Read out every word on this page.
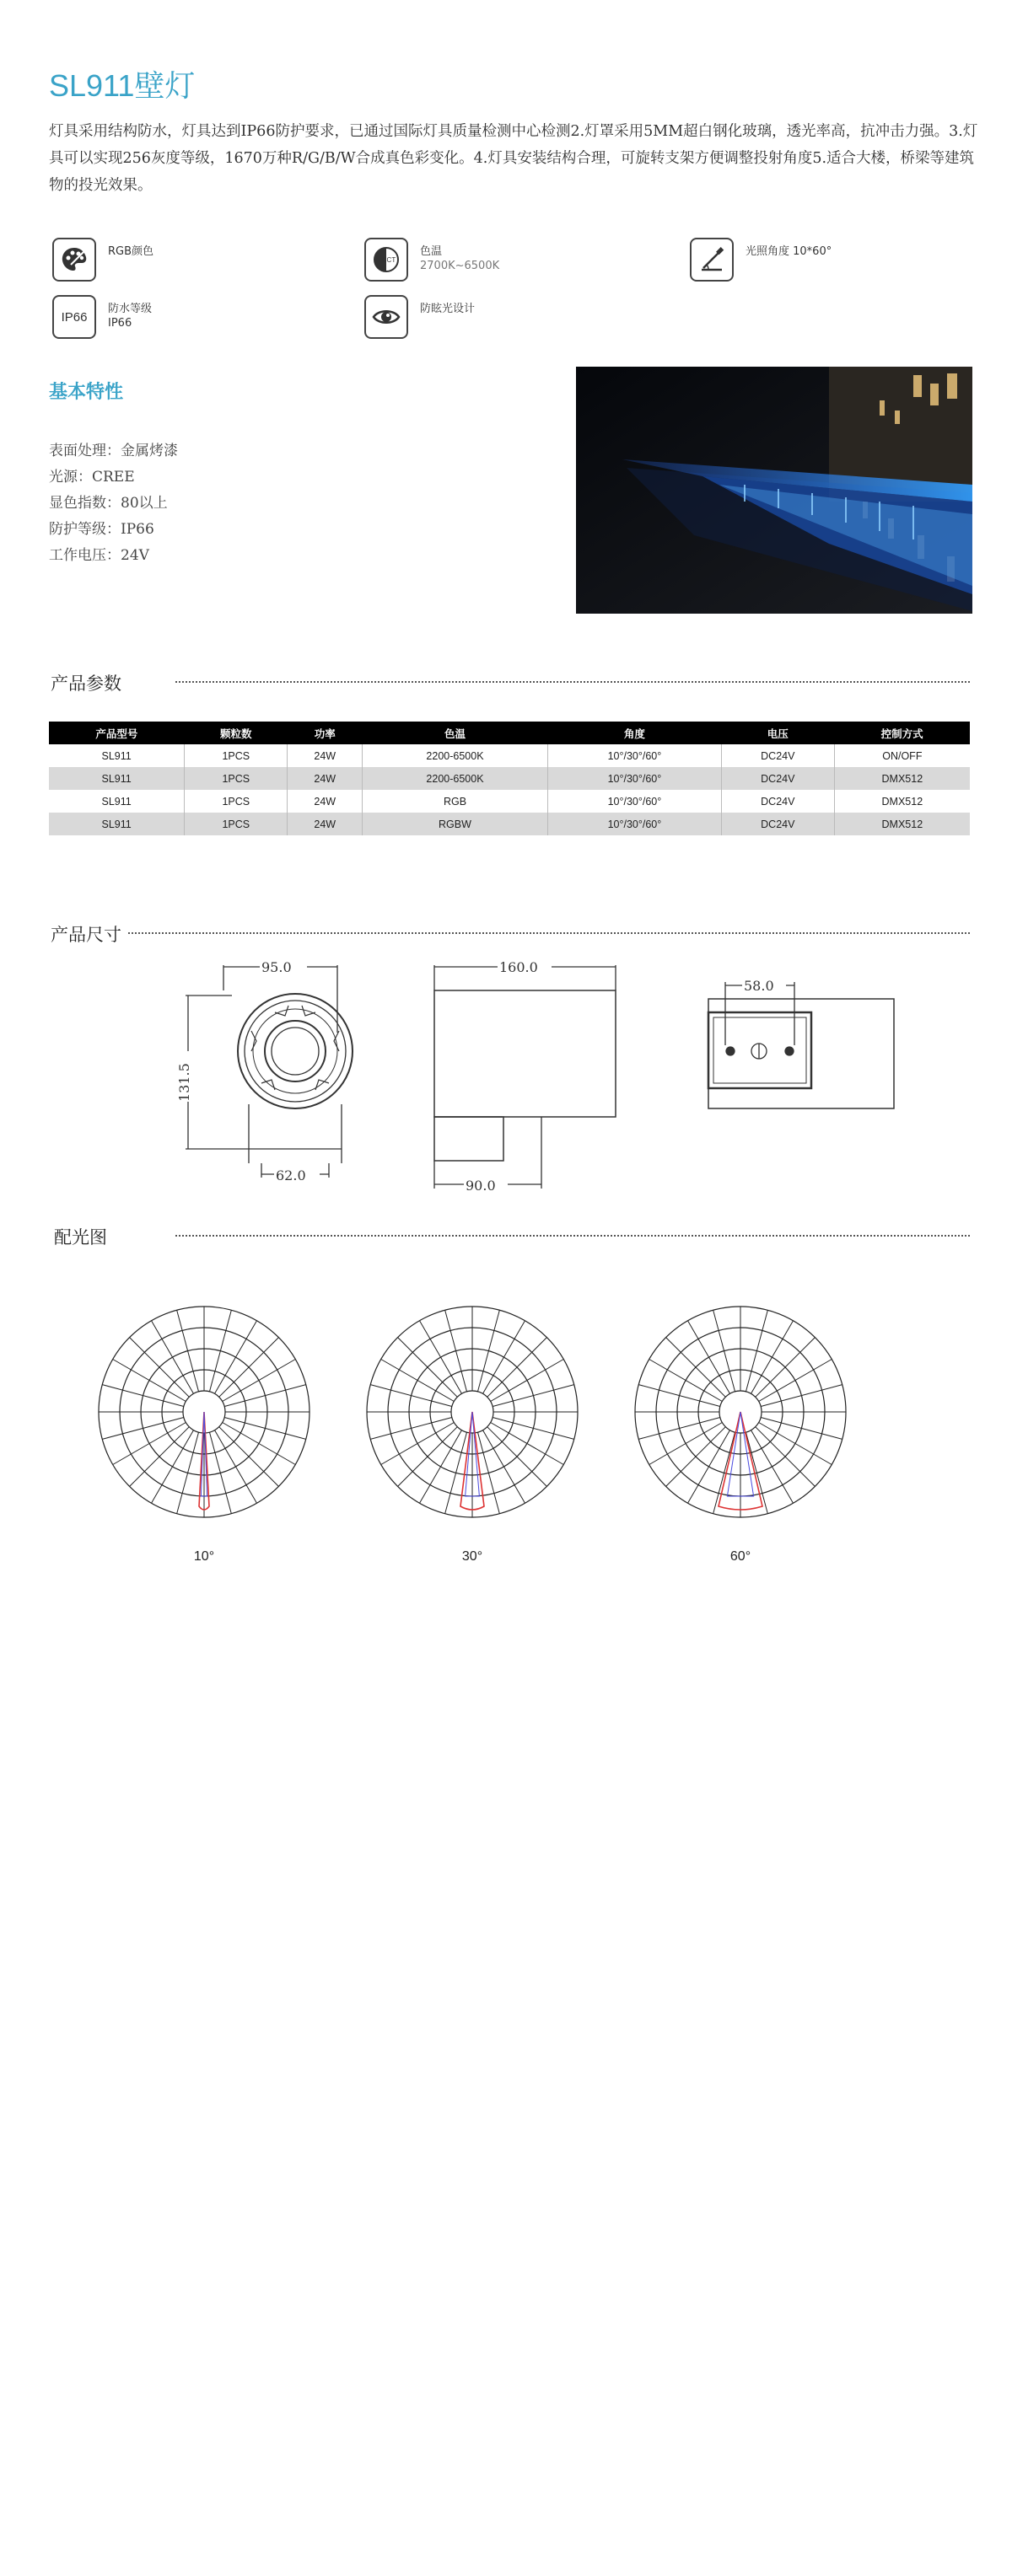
SL911壁灯
灯具采用结构防水，灯具达到IP66防护要求，已通过国际灯具质量检测中心检测2.灯罩采用5MM超白钢化玻璃，透光率高，抗冲击力强。3.灯具可以实现256灰度等级，1670万种R/G/B/W合成真色彩变化。4.灯具安装结构合理，可旋转支架方便调整投射角度5.适合大楼，桥梁等建筑物的投光效果。
RGB颜色
CCT
色温
2700K~6500K
光照角度 10*60°
IP66
防水等级
IP66
防眩光设计
基本特性
表面处理：金属烤漆
光源：CREE
显色指数：80以上
防护等级：IP66
工作电压：24V
产品参数
产品型号	颗粒数	功率	色温	角度	电压	控制方式
SL911	1PCS	24W	2200-6500K	10°/30°/60°	DC24V	ON/OFF
SL911	1PCS	24W	2200-6500K	10°/30°/60°	DC24V	DMX512
SL911	1PCS	24W	RGB	10°/30°/60°	DC24V	DMX512
SL911	1PCS	24W	RGBW	10°/30°/60°	DC24V	DMX512
产品尺寸
95.0
131.5
62.0
160.0
90.0
58.0
配光图
10°	30°	60°
